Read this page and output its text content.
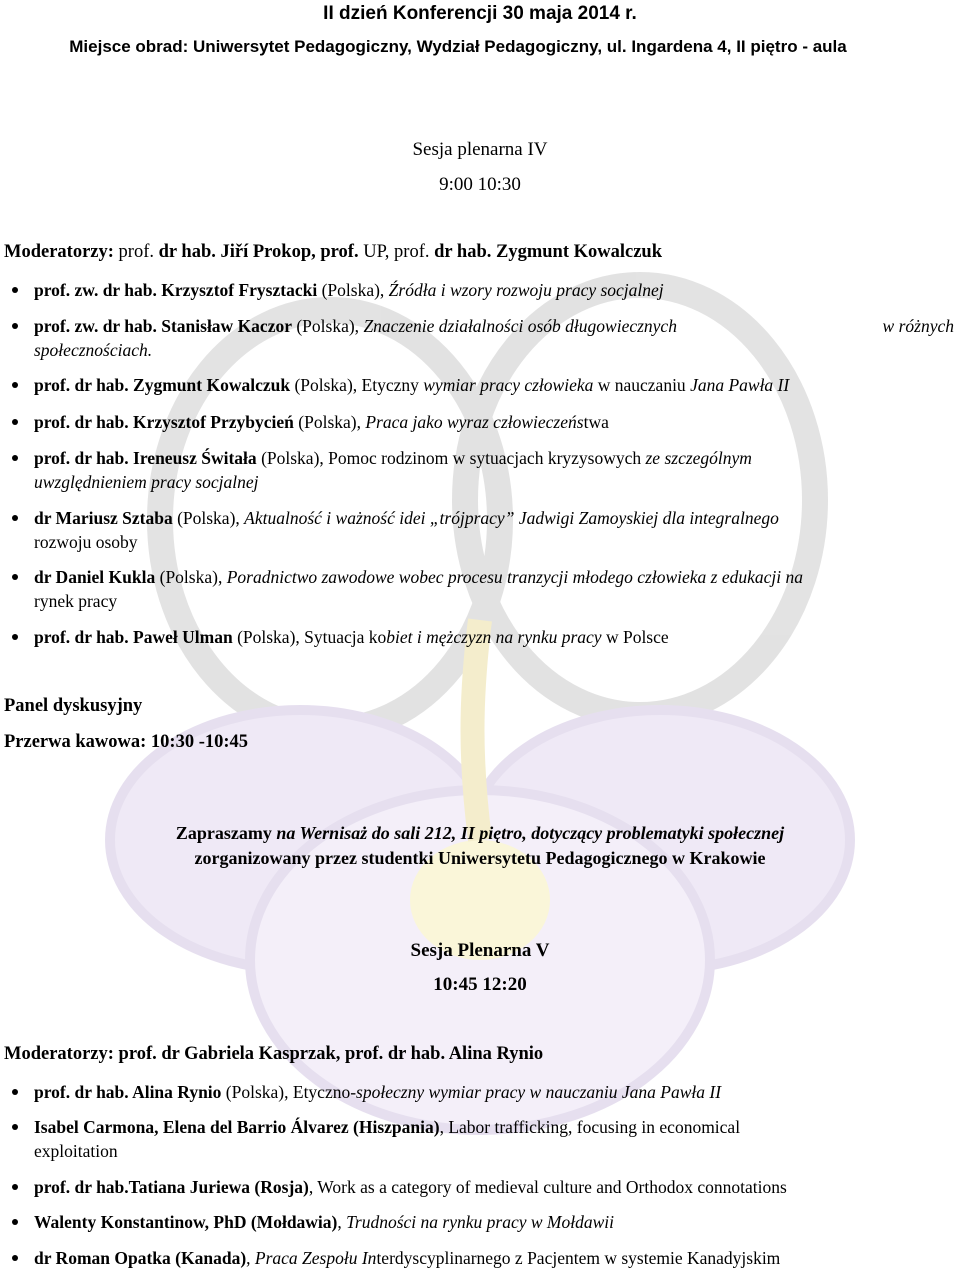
II dzień Konferencji 30 maja 2014 r.
Miejsce obrad: Uniwersytet Pedagogiczny, Wydział Pedagogiczny, ul. Ingardena 4, II piętro - aula
Sesja plenarna IV
9:00 10:30
Moderatorzy: prof. dr hab. Jiří Prokop, prof. UP, prof. dr hab. Zygmunt Kowalczuk
prof. zw. dr hab. Krzysztof Frysztacki (Polska), Źródła i wzory rozwoju pracy socjalnej
prof. zw. dr hab. Stanisław Kaczor (Polska), Znaczenie działalności osób długowiecznych	w różnych
społecznościach.
prof. dr hab. Zygmunt Kowalczuk (Polska), Etyczny wymiar pracy człowieka w nauczaniu Jana Pawła II
prof. dr hab. Krzysztof Przybycień (Polska), Praca jako wyraz człowieczeństwa
prof. dr hab. Ireneusz Świtała (Polska), Pomoc rodzinom w sytuacjach kryzysowych ze szczególnym
uwzględnieniem pracy socjalnej
dr Mariusz Sztaba (Polska), Aktualność i ważność idei „trójpracy” Jadwigi Zamoyskiej dla integralnego
rozwoju osoby
dr Daniel Kukla (Polska), Poradnictwo zawodowe wobec procesu tranzycji młodego człowieka z edukacji na
rynek pracy
prof. dr hab. Paweł Ulman (Polska), Sytuacja kobiet i mężczyzn na rynku pracy w Polsce
Panel dyskusyjny
Przerwa kawowa: 10:30 -10:45
Zapraszamy na Wernisaż do sali 212, II piętro, dotyczący problematyki społecznej
zorganizowany przez studentki Uniwersytetu Pedagogicznego w Krakowie
Sesja Plenarna V
10:45 12:20
Moderatorzy: prof. dr Gabriela Kasprzak, prof. dr hab. Alina Rynio
prof. dr hab. Alina Rynio (Polska), Etyczno-społeczny wymiar pracy w nauczaniu Jana Pawła II
Isabel Carmona, Elena del Barrio Álvarez (Hiszpania), Labor trafficking, focusing in economical
exploitation
prof. dr hab.Tatiana Juriewa (Rosja), Work as a category of medieval culture and Orthodox connotations
Walenty Konstantinow, PhD (Mołdawia), Trudności na rynku pracy w Mołdawii
dr Roman Opatka (Kanada), Praca Zespołu Interdyscyplinarnego z Pacjentem w systemie Kanadyjskim
